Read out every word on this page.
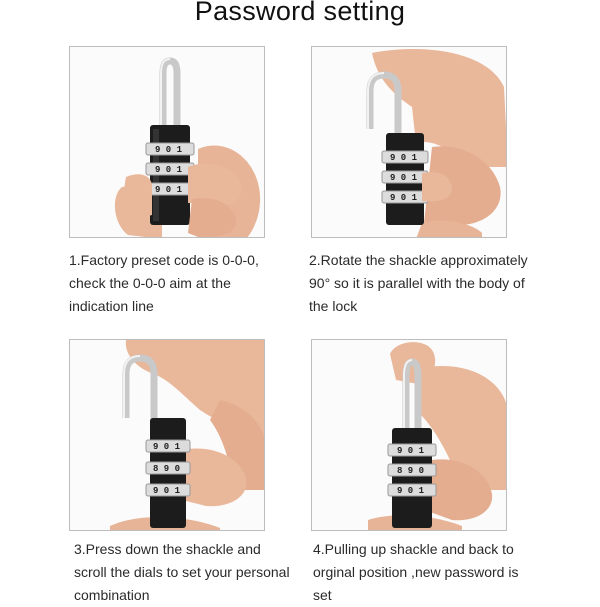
Password setting
9 0 1
9 0 1
9 0 1
9 0 1
9 0 1
9 0 1
9 0 1
8 9 0
9 0 1
9 0 1
8 9 0
9 0 1
1.Factory preset code is 0-0-0,
check the 0-0-0 aim at the
indication line
2.Rotate the shackle approximately
90° so it is parallel with the body of
the lock
3.Press down the shackle and
scroll the dials to set your personal
combination
4.Pulling up shackle and back to
orginal position ,new password is
set
